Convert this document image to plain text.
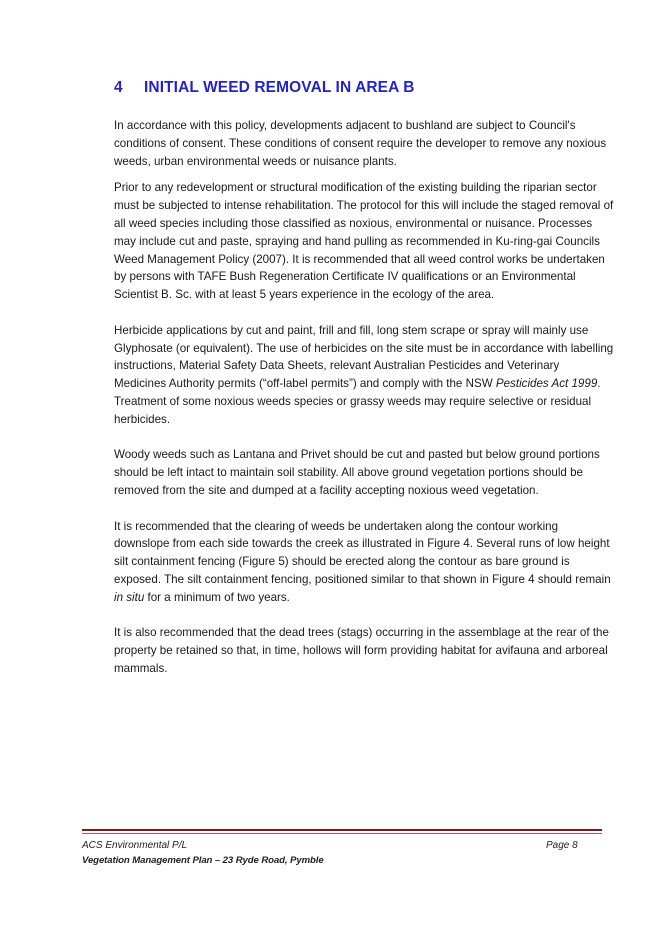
4 INITIAL WEED REMOVAL IN AREA B

In accordance with this policy, developments adjacent to bushland are subject to Council's conditions of consent. These conditions of consent require the developer to remove any noxious weeds, urban environmental weeds or nuisance plants.

Prior to any redevelopment or structural modification of the existing building the riparian sector must be subjected to intense rehabilitation. The protocol for this will include the staged removal of all weed species including those classified as noxious, environmental or nuisance. Processes may include cut and paste, spraying and hand pulling as recommended in Ku-ring-gai Councils Weed Management Policy (2007). It is recommended that all weed control works be undertaken by persons with TAFE Bush Regeneration Certificate IV qualifications or an Environmental Scientist B. Sc. with at least 5 years experience in the ecology of the area.

Herbicide applications by cut and paint, frill and fill, long stem scrape or spray will mainly use Glyphosate (or equivalent). The use of herbicides on the site must be in accordance with labelling instructions, Material Safety Data Sheets, relevant Australian Pesticides and Veterinary Medicines Authority permits (“off-label permits”) and comply with the NSW Pesticides Act 1999. Treatment of some noxious weeds species or grassy weeds may require selective or residual herbicides.

Woody weeds such as Lantana and Privet should be cut and pasted but below ground portions should be left intact to maintain soil stability. All above ground vegetation portions should be removed from the site and dumped at a facility accepting noxious weed vegetation.

It is recommended that the clearing of weeds be undertaken along the contour working downslope from each side towards the creek as illustrated in Figure 4. Several runs of low height silt containment fencing (Figure 5) should be erected along the contour as bare ground is exposed. The silt containment fencing, positioned similar to that shown in Figure 4 should remain in situ for a minimum of two years.

It is also recommended that the dead trees (stags) occurring in the assemblage at the rear of the property be retained so that, in time, hollows will form providing habitat for avifauna and arboreal mammals.

ACS Environmental P/L
Vegetation Management Plan – 23 Ryde Road, Pymble
Page 8
